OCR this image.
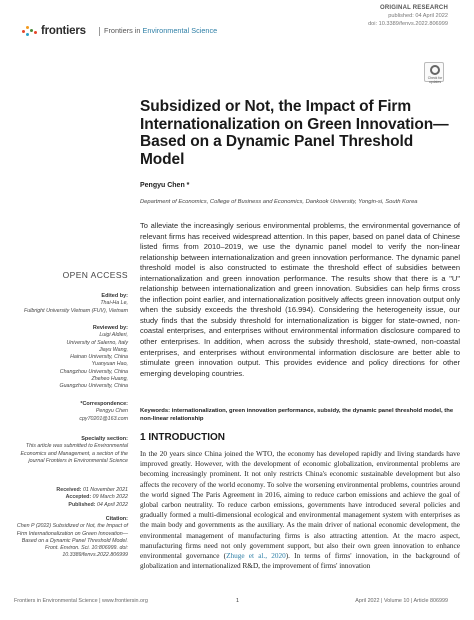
frontiers Frontiers in Environmental Science
ORIGINAL RESEARCH
published: 04 April 2022
doi: 10.3389/fenvs.2022.806999
Check for updates
Subsidized or Not, the Impact of Firm Internationalization on Green Innovation—Based on a Dynamic Panel Threshold Model
Pengyu Chen *
Department of Economics, College of Business and Economics, Dankook University, Yongin-si, South Korea
OPEN ACCESS
Edited by:
Thai-Ha Le,
Fulbright University Vietnam (FUV), Vietnam
Reviewed by:
Luigi Aldieri,
University of Salerno, Italy
Jiayu Wang,
Hainan University, China
Yuanyuan Hao,
Changzhou University, China
Zheheo Huang,
Guangzhou University, China
*Correspondence:
Pengyu Chen
cpy70201@163.com
Specialty section:
This article was submitted to Environmental Economics and Management, a section of the journal Frontiers in Environmental Science
Received: 01 November 2021
Accepted: 09 March 2022
Published: 04 April 2022
Citation:
Chen P (2022) Subsidized or Not, the Impact of Firm Internationalization on Green Innovation—Based on a Dynamic Panel Threshold Model. Front. Environ. Sci. 10:806999. doi: 10.3389/fenvs.2022.806999
To alleviate the increasingly serious environmental problems, the environmental governance of relevant firms has received widespread attention. In this paper, based on panel data of Chinese listed firms from 2010–2019, we use the dynamic panel model to verify the non-linear relationship between internationalization and green innovation performance. The dynamic panel threshold model is also constructed to estimate the threshold effect of subsidies between internationalization and green innovation performance. The results show that there is a "U" relationship between internationalization and green innovation. Subsidies can help firms cross the inflection point earlier, and internationalization positively affects green innovation output only when the subsidy exceeds the threshold (16.994). Considering the heterogeneity issue, our study finds that the subsidy threshold for internationalization is bigger for state-owned, non-coastal enterprises, and enterprises without environmental information disclosure compared to other enterprises. In addition, when across the subsidy threshold, state-owned, non-coastal enterprises, and enterprises without environmental information disclosure are better able to stimulate green innovation output. This provides evidence and policy directions for other emerging developing countries.
Keywords: internationalization, green innovation performance, subsidy, the dynamic panel threshold model, the non-linear relationship
1 INTRODUCTION
In the 20 years since China joined the WTO, the economy has developed rapidly and living standards have improved greatly. However, with the development of economic globalization, environmental problems are becoming increasingly prominent. It not only restricts China's economic sustainable development but also affects the recovery of the world economy. To solve the worsening environmental problems, countries around the world signed The Paris Agreement in 2016, aiming to reduce carbon emissions and achieve the goal of global carbon neutrality. To reduce carbon emissions, governments have introduced several policies and gradually formed a multi-dimensional ecological and environmental management system with enterprises as the main body and governments as the auxiliary. As the main driver of national economic development, the environmental management of manufacturing firms is also attracting attention. At the macro aspect, manufacturing firms need not only government support, but also their own green innovation to enhance environmental governance (Zhuge et al., 2020). In terms of firms' innovation, in the background of globalization and internationalized R&D, the improvement of firms' innovation
Frontiers in Environmental Science | www.frontiersin.org	1	April 2022 | Volume 10 | Article 806999
